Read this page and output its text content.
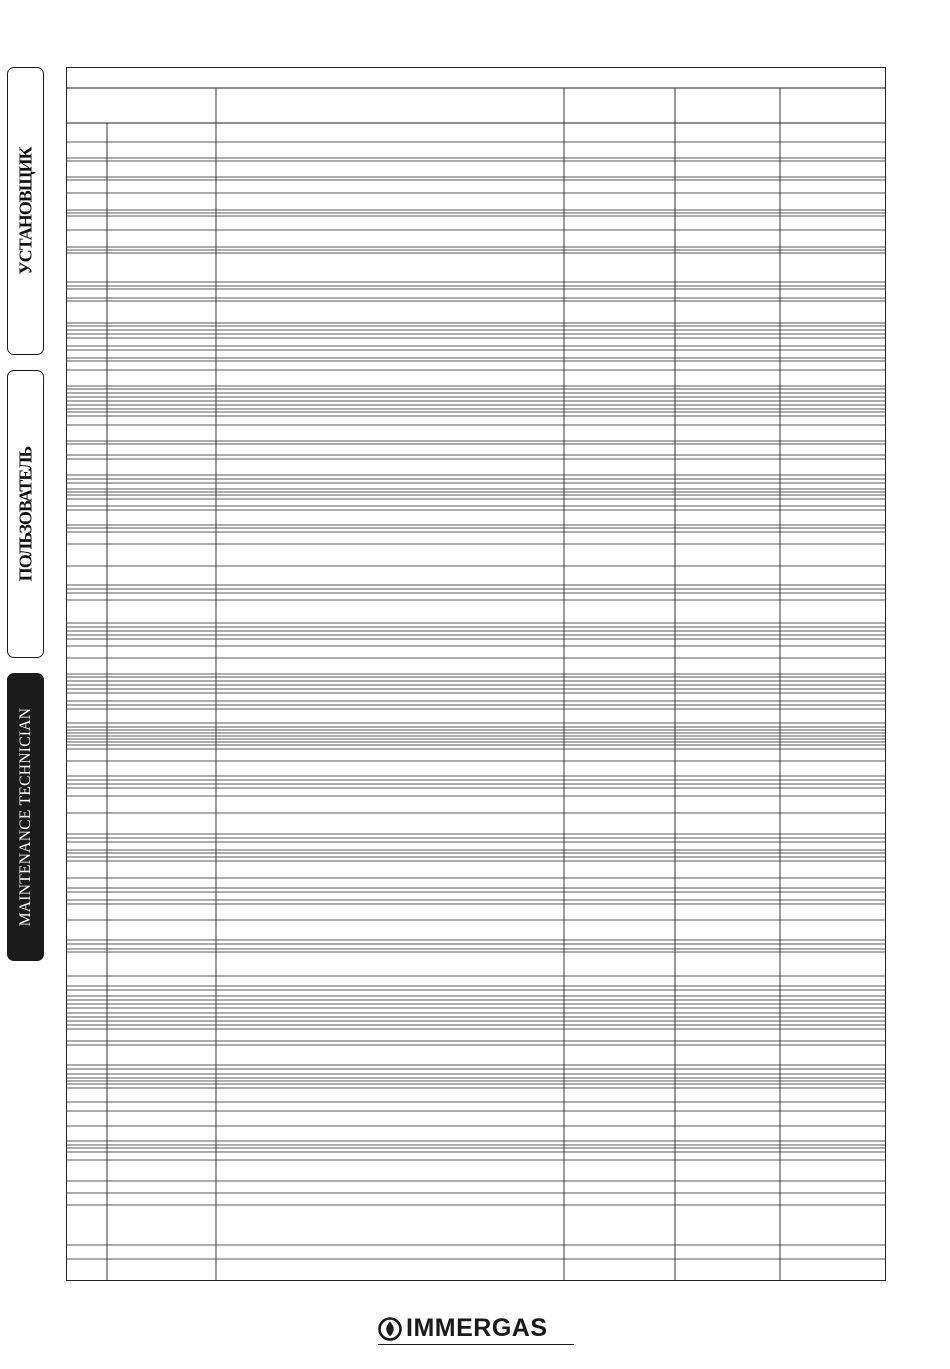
УСТАНОВЩИК
ПОЛЬЗОВАТЕЛЬ
MAINTENANCE TECHNICIAN
IMMERGAS
